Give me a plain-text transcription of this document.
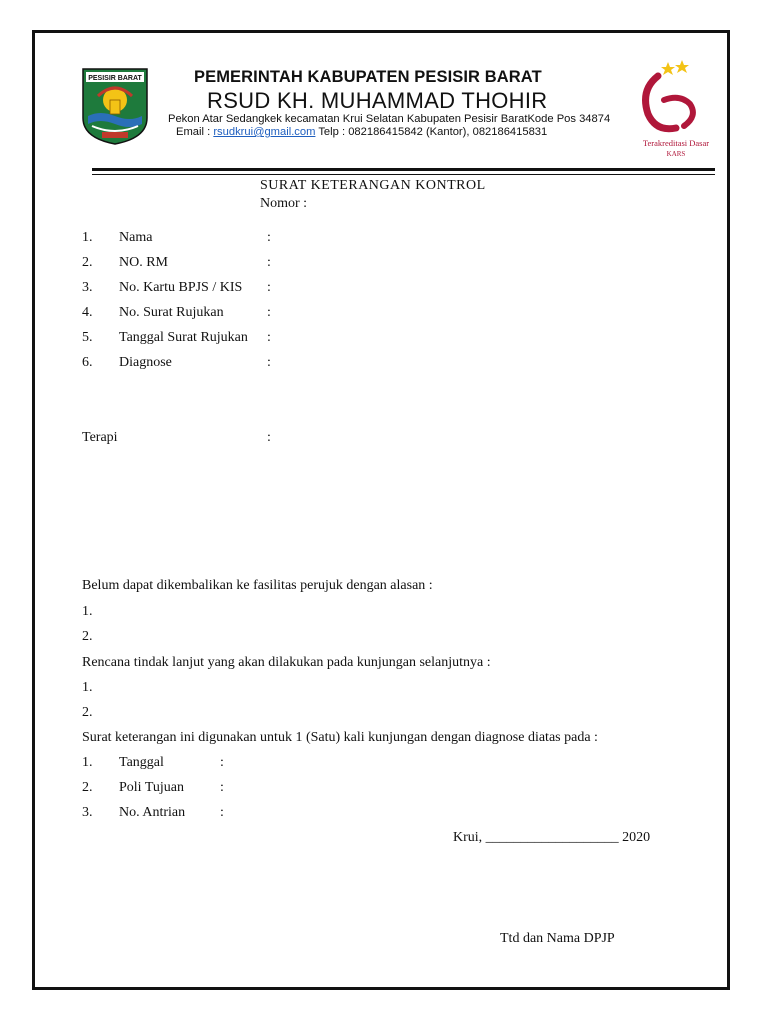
PESISIR BARAT	PEMERINTAH KABUPATEN PESISIR BARAT
RSUD KH. MUHAMMAD THOHIR
Pekon Atar Sedangkek kecamatan Krui Selatan Kabupaten Pesisir BaratKode Pos 34874
Email : rsudkrui@gmail.com Telp : 082186415842 (Kantor), 082186415831
Terakreditasi Dasar
KARS
SURAT KETERANGAN KONTROL
Nomor :
1. Nama	:
2. NO. RM	:
3. No. Kartu BPJS / KIS :
4. No. Surat Rujukan	:
5. Tanggal Surat Rujukan :
6. Diagnose	:
Terapi	:
Belum dapat dikembalikan ke fasilitas perujuk dengan alasan :
1.
2.
Rencana tindak lanjut yang akan dilakukan pada kunjungan selanjutnya :
1.
2.
Surat keterangan ini digunakan untuk 1 (Satu) kali kunjungan dengan diagnose diatas pada :
1. Tanggal	:
2. Poli Tujuan	:
3. No. Antrian :
Krui, ___________________ 2020
Ttd dan Nama DPJP
